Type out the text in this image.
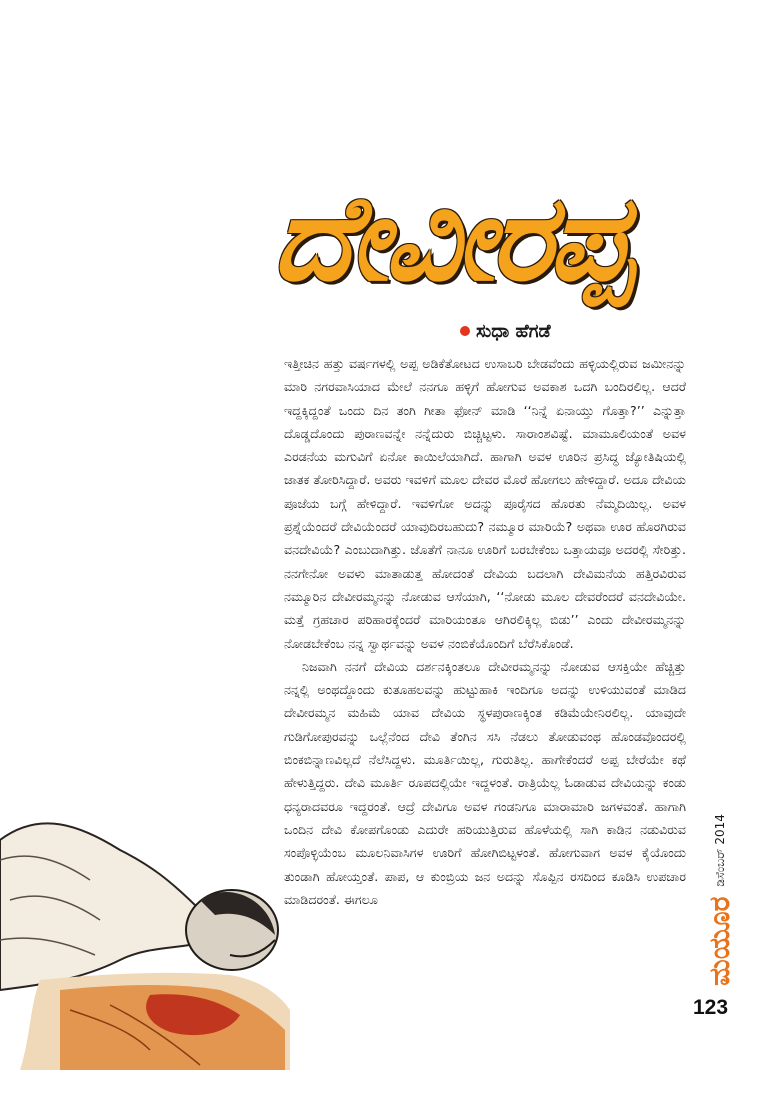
ದೇವೀರಪ್ಪ
ಸುಧಾ ಹೆಗಡೆ

ಇತ್ತೀಚಿನ ಹತ್ತು ವರ್ಷಗಳಲ್ಲಿ ಅಪ್ಪ ಅಡಿಕೆತೋಟದ ಉಸಾಬರಿ ಬೇಡವೆಂದು ಹಳ್ಳಿಯಲ್ಲಿರುವ ಜಮೀನನ್ನು ಮಾರಿ ನಗರವಾಸಿಯಾದ ಮೇಲೆ ನನಗೂ ಹಳ್ಳಿಗೆ ಹೋಗುವ ಅವಕಾಶ ಒದಗಿ ಬಂದಿರಲಿಲ್ಲ. ಆದರೆ ಇದ್ದಕ್ಕಿದ್ದಂತೆ ಒಂದು ದಿನ ತಂಗಿ ಗೀತಾ ಫೋನ್ ಮಾಡಿ ‘‘ನಿನ್ನೆ ಏನಾಯ್ತು ಗೊತ್ತಾ?’’ ಎನ್ನುತ್ತಾ ದೊಡ್ಡದೊಂದು ಪುರಾಣವನ್ನೇ ನನ್ನೆದುರು ಬಿಚ್ಚಿಟ್ಟಳು. ಸಾರಾಂಶವಿಷ್ಟೆ. ಮಾಮೂಲಿಯಂತೆ ಅವಳ ಎರಡನೆಯ ಮಗುವಿಗೆ ಏನೋ ಕಾಯಿಲೆಯಾಗಿದೆ. ಹಾಗಾಗಿ ಅವಳ ಊರಿನ ಪ್ರಸಿದ್ಧ ಜ್ಯೋತಿಷಿಯಲ್ಲಿ ಜಾತಕ ತೋರಿಸಿದ್ದಾರೆ. ಅವರು ಇವಳಿಗೆ ಮೂಲ ದೇವರ ಮೊರೆ ಹೋಗಲು ಹೇಳಿದ್ದಾರೆ. ಅದೂ ದೇವಿಯ ಪೂಜೆಯ ಬಗ್ಗೆ ಹೇಳಿದ್ದಾರೆ. ಇವಳಿಗೋ ಅದನ್ನು ಪೂರೈಸದ ಹೊರತು ನೆಮ್ಮದಿಯಿಲ್ಲ. ಅವಳ ಪ್ರಶ್ನೆಯೆಂದರೆ ದೇವಿಯೆಂದರೆ ಯಾವುದಿರಬಹುದು? ನಮ್ಮೂರ ಮಾರಿಯೆ? ಅಥವಾ ಊರ ಹೊರಗಿರುವ ವನದೇವಿಯೆ? ಎಂಬುದಾಗಿತ್ತು. ಜೊತೆಗೆ ನಾನೂ ಊರಿಗೆ ಬರಬೇಕೆಂಬ ಒತ್ತಾಯವೂ ಅದರಲ್ಲಿ ಸೇರಿತ್ತು. ನನಗೇನೋ ಅವಳು ಮಾತಾಡುತ್ತ ಹೋದಂತೆ ದೇವಿಯ ಬದಲಾಗಿ ದೇವಿಮನೆಯ ಹತ್ತಿರವಿರುವ ನಮ್ಮೂರಿನ ದೇವೀರಮ್ಮನನ್ನು ನೋಡುವ ಆಸೆಯಾಗಿ, ‘‘ನೋಡು ಮೂಲ ದೇವರೆಂದರೆ ವನದೇವಿಯೇ. ಮತ್ತೆ ಗ್ರಹಚಾರ ಪರಿಹಾರಕ್ಕೆಂದರೆ ಮಾರಿಯಂತೂ ಆಗಿರಲಿಕ್ಕಿಲ್ಲ ಬಿಡು’’ ಎಂದು ದೇವೀರಮ್ಮನನ್ನು ನೋಡಬೇಕೆಂಬ ನನ್ನ ಸ್ವಾರ್ಥವನ್ನು ಅವಳ ನಂಬಿಕೆಯೊಂದಿಗೆ ಬೆರೆಸಿಕೊಂಡೆ.

ನಿಜವಾಗಿ ನನಗೆ ದೇವಿಯ ದರ್ಶನಕ್ಕಿಂತಲೂ ದೇವೀರಮ್ಮನನ್ನು ನೋಡುವ ಆಸಕ್ತಿಯೇ ಹೆಚ್ಚಿತ್ತು ನನ್ನಲ್ಲಿ ಅಂಥದ್ದೊಂದು ಕುತೂಹಲವನ್ನು ಹುಟ್ಟುಹಾಕಿ ಇಂದಿಗೂ ಅದನ್ನು ಉಳಿಯುವಂತೆ ಮಾಡಿದ ದೇವೀರಮ್ಮನ ಮಹಿಮೆ ಯಾವ ದೇವಿಯ ಸ್ಥಳಪುರಾಣಕ್ಕಿಂತ ಕಡಿಮೆಯೇನಿರಲಿಲ್ಲ. ಯಾವುದೇ ಗುಡಿಗೋಪುರವನ್ನು ಒಲ್ಲೆನೆಂದ ದೇವಿ ತೆಂಗಿನ ಸಸಿ ನೆಡಲು ತೋಡುವಂಥ ಹೊಂಡವೊಂದರಲ್ಲಿ ಬಿಂಕಬಿನ್ನಾಣವಿಲ್ಲದೆ ನೆಲೆಸಿದ್ದಳು. ಮೂರ್ತಿಯಿಲ್ಲ, ಗುರುತಿಲ್ಲ. ಹಾಗೇಕೆಂದರೆ ಅಪ್ಪ ಬೇರೆಯೇ ಕಥೆ ಹೇಳುತ್ತಿದ್ದರು. ದೇವಿ ಮೂರ್ತಿ ರೂಪದಲ್ಲಿಯೇ ಇದ್ದಳಂತೆ. ರಾತ್ರಿಯೆಲ್ಲ ಓಡಾಡುವ ದೇವಿಯನ್ನು ಕಂಡು ಧನ್ಯರಾದವರೂ ಇದ್ದರಂತೆ. ಆದ್ರೆ ದೇವಿಗೂ ಅವಳ ಗಂಡನಿಗೂ ಮಾರಾಮಾರಿ ಜಗಳವಂತೆ. ಹಾಗಾಗಿ ಒಂದಿನ ದೇವಿ ಕೋಪಗೊಂಡು ಎದುರೇ ಹರಿಯುತ್ತಿರುವ ಹೊಳೆಯಲ್ಲಿ ಸಾಗಿ ಕಾಡಿನ ನಡುವಿರುವ ಸಂಪೊಳ್ಳಿಯೆಂಬ ಮೂಲನಿವಾಸಿಗಳ ಊರಿಗೆ ಹೋಗಿಬಿಟ್ಟಳಂತೆ. ಹೋಗುವಾಗ ಅವಳ ಕೈಯೊಂದು ತುಂಡಾಗಿ ಹೋಯ್ತಂತೆ. ಪಾಪ, ಆ ಕುಂಬ್ರಿಯ ಜನ ಅದನ್ನು ಸೊಪ್ಪಿನ ರಸದಿಂದ ಕೂಡಿಸಿ ಉಪಚಾರ ಮಾಡಿದರಂತೆ. ಈಗಲೂ	ಮಯೂರ
ಡಿಸೆಂಬರ್ 2014
123
